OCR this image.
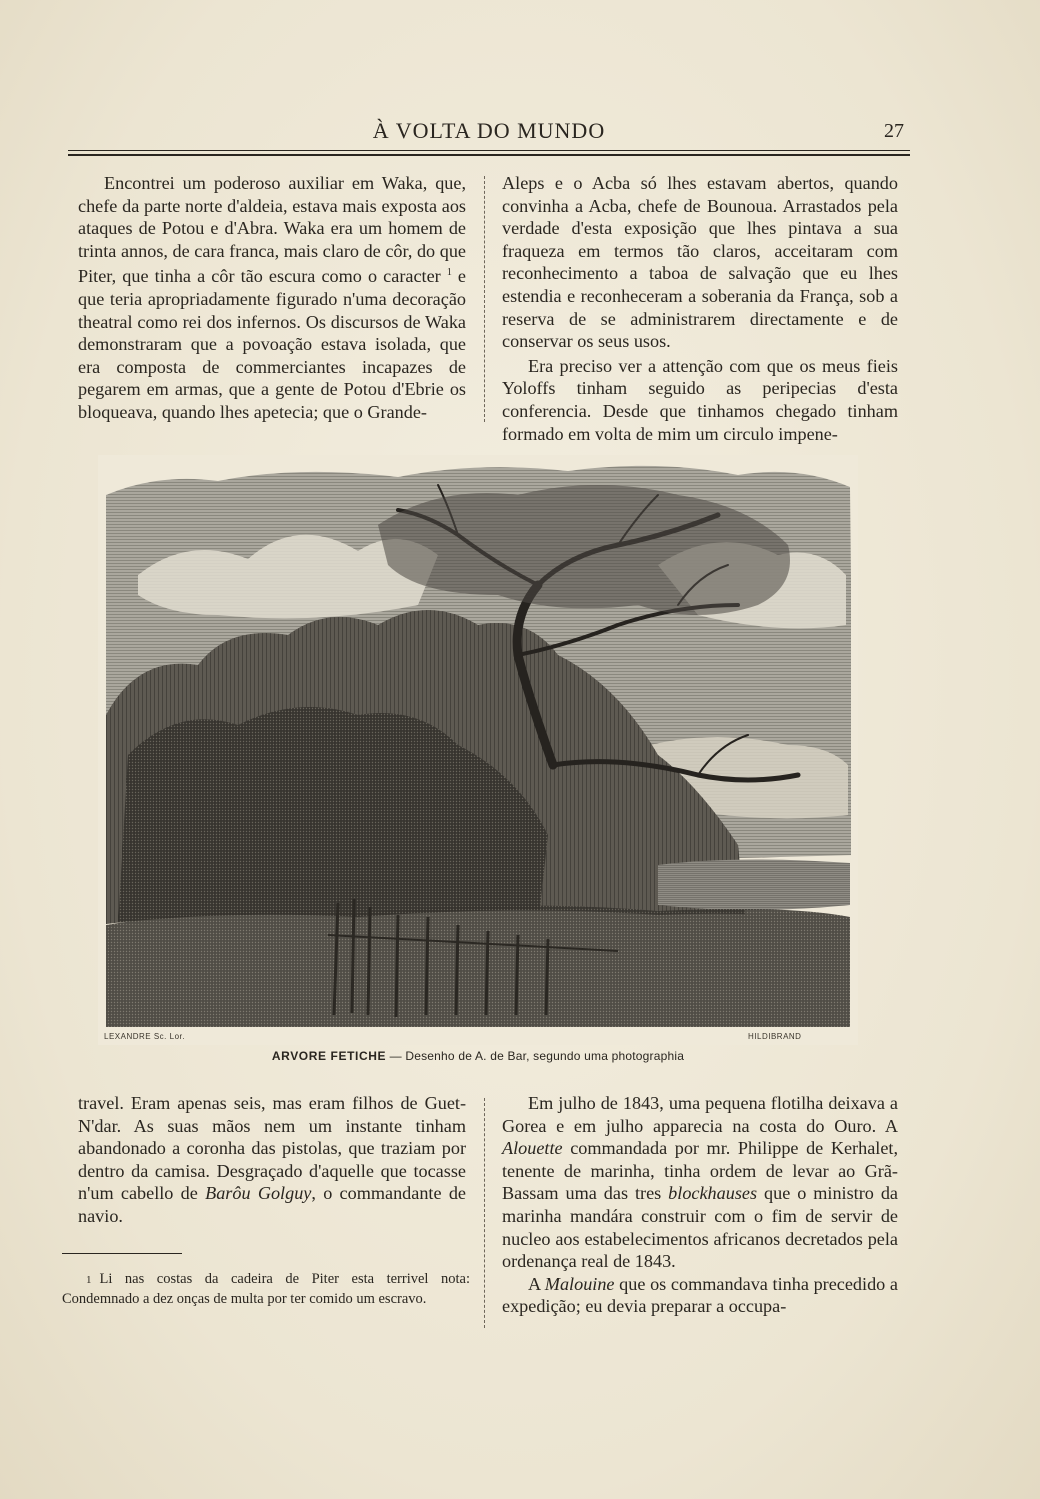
À VOLTA DO MUNDO	27

Encontrei um poderoso auxiliar em Waka, que, chefe da parte norte d'aldeia, estava mais exposta aos ataques de Potou e d'Abra. Waka era um homem de trinta annos, de cara franca, mais claro de côr, do que Piter, que tinha a côr tão escura como o caracter $^1$ e que teria apropriadamente figurado n'uma decoração theatral como rei dos infernos. Os discursos de Waka demonstraram que a povoação estava isolada, que era composta de commerciantes incapazes de pegarem em armas, que a gente de Potou d'Ebrie os bloqueava, quando lhes apetecia; que o Grande-

Aleps e o Acba só lhes estavam abertos, quando convinha a Acba, chefe de Bounoua. Arrastados pela verdade d'esta exposição que lhes pintava a sua fraqueza em termos tão claros, acceitaram com reconhecimento a taboa de salvação que eu lhes estendia e reconheceram a soberania da França, sob a reserva de se administrarem directamente e de conservar os seus usos.

Era preciso ver a attenção com que os meus fieis Yoloffs tinham seguido as peripecias d'esta conferencia. Desde que tinhamos chegado tinham formado em volta de mim um circulo impene-

LEXANDRE Sc. Lor.	HILDIBRAND
ARVORE FETICHE — Desenho de A. de Bar, segundo uma photographia

travel. Eram apenas seis, mas eram filhos de Guet-N'dar. As suas mãos nem um instante tinham abandonado a coronha das pistolas, que traziam por dentro da camisa. Desgraçado d'aquelle que tocasse n'um cabello de Barôu Golguy, o commandante de navio.

Em julho de 1843, uma pequena flotilha deixava a Gorea e em julho apparecia na costa do Ouro. A Alouette commandada por mr. Philippe de Kerhalet, tenente de marinha, tinha ordem de levar ao Grã-Bassam uma das tres blockhauses que o ministro da marinha mandára construir com o fim de servir de nucleo aos estabelecimentos africanos decretados pela ordenança real de 1843.

A Malouine que os commandava tinha precedido a expedição; eu devia preparar a occupa-

1 Li nas costas da cadeira de Piter esta terrivel nota: Condemnado a dez onças de multa por ter comido um escravo.
